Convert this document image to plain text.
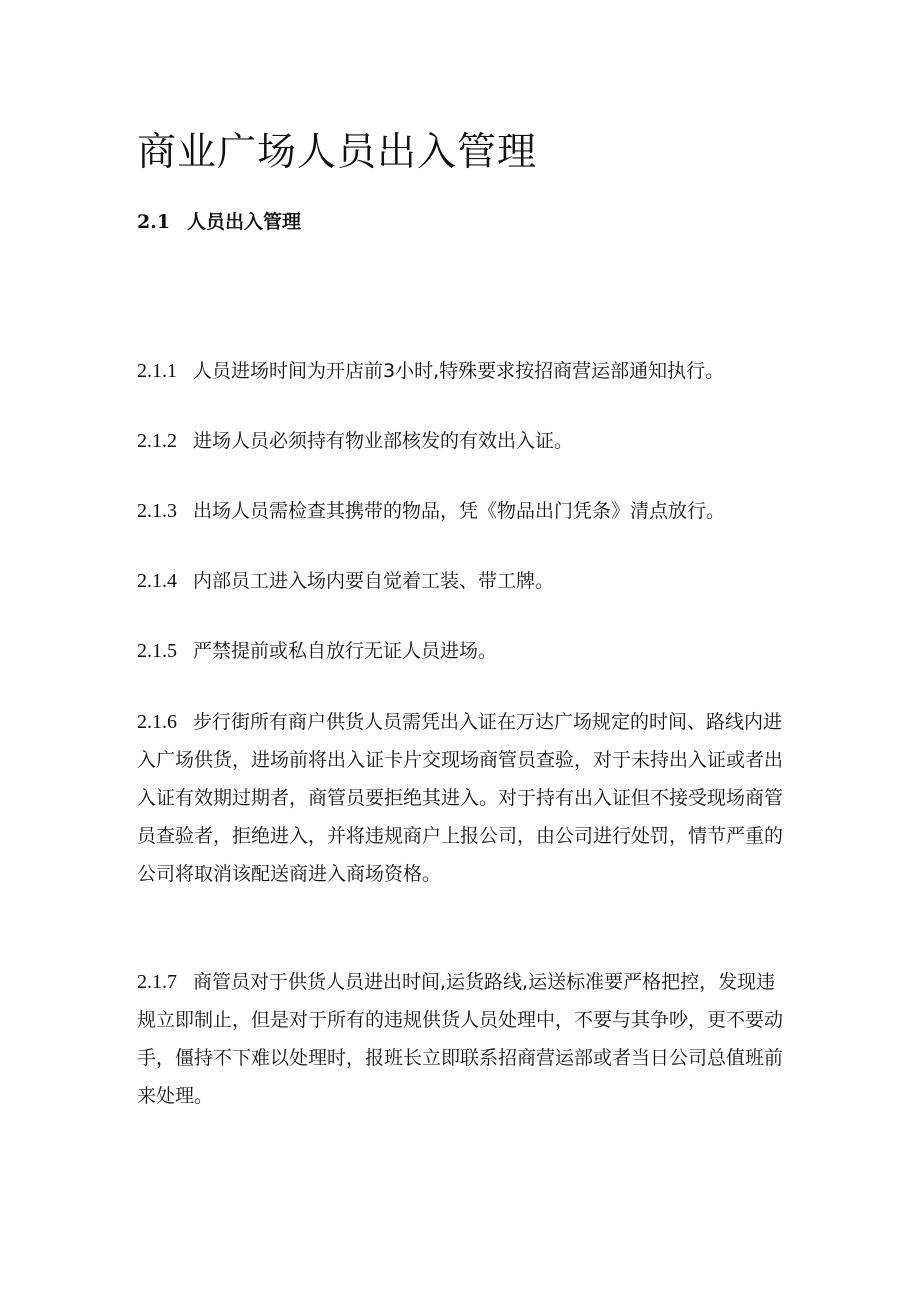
商业广场人员出入管理
2.1 人员出入管理

2.1.1 人员进场时间为开店前3小时,特殊要求按招商营运部通知执行。

2.1.2 进场人员必须持有物业部核发的有效出入证。

2.1.3 出场人员需检查其携带的物品，凭《物品出门凭条》清点放行。

2.1.4 内部员工进入场内要自觉着工装、带工牌。

2.1.5 严禁提前或私自放行无证人员进场。

2.1.6 步行街所有商户供货人员需凭出入证在万达广场规定的时间、路线内进入广场供货，进场前将出入证卡片交现场商管员查验，对于未持出入证或者出入证有效期过期者，商管员要拒绝其进入。对于持有出入证但不接受现场商管员查验者，拒绝进入，并将违规商户上报公司，由公司进行处罚，情节严重的公司将取消该配送商进入商场资格。

2.1.7 商管员对于供货人员进出时间,运货路线,运送标准要严格把控，发现违规立即制止，但是对于所有的违规供货人员处理中，不要与其争吵，更不要动手，僵持不下难以处理时，报班长立即联系招商营运部或者当日公司总值班前来处理。
